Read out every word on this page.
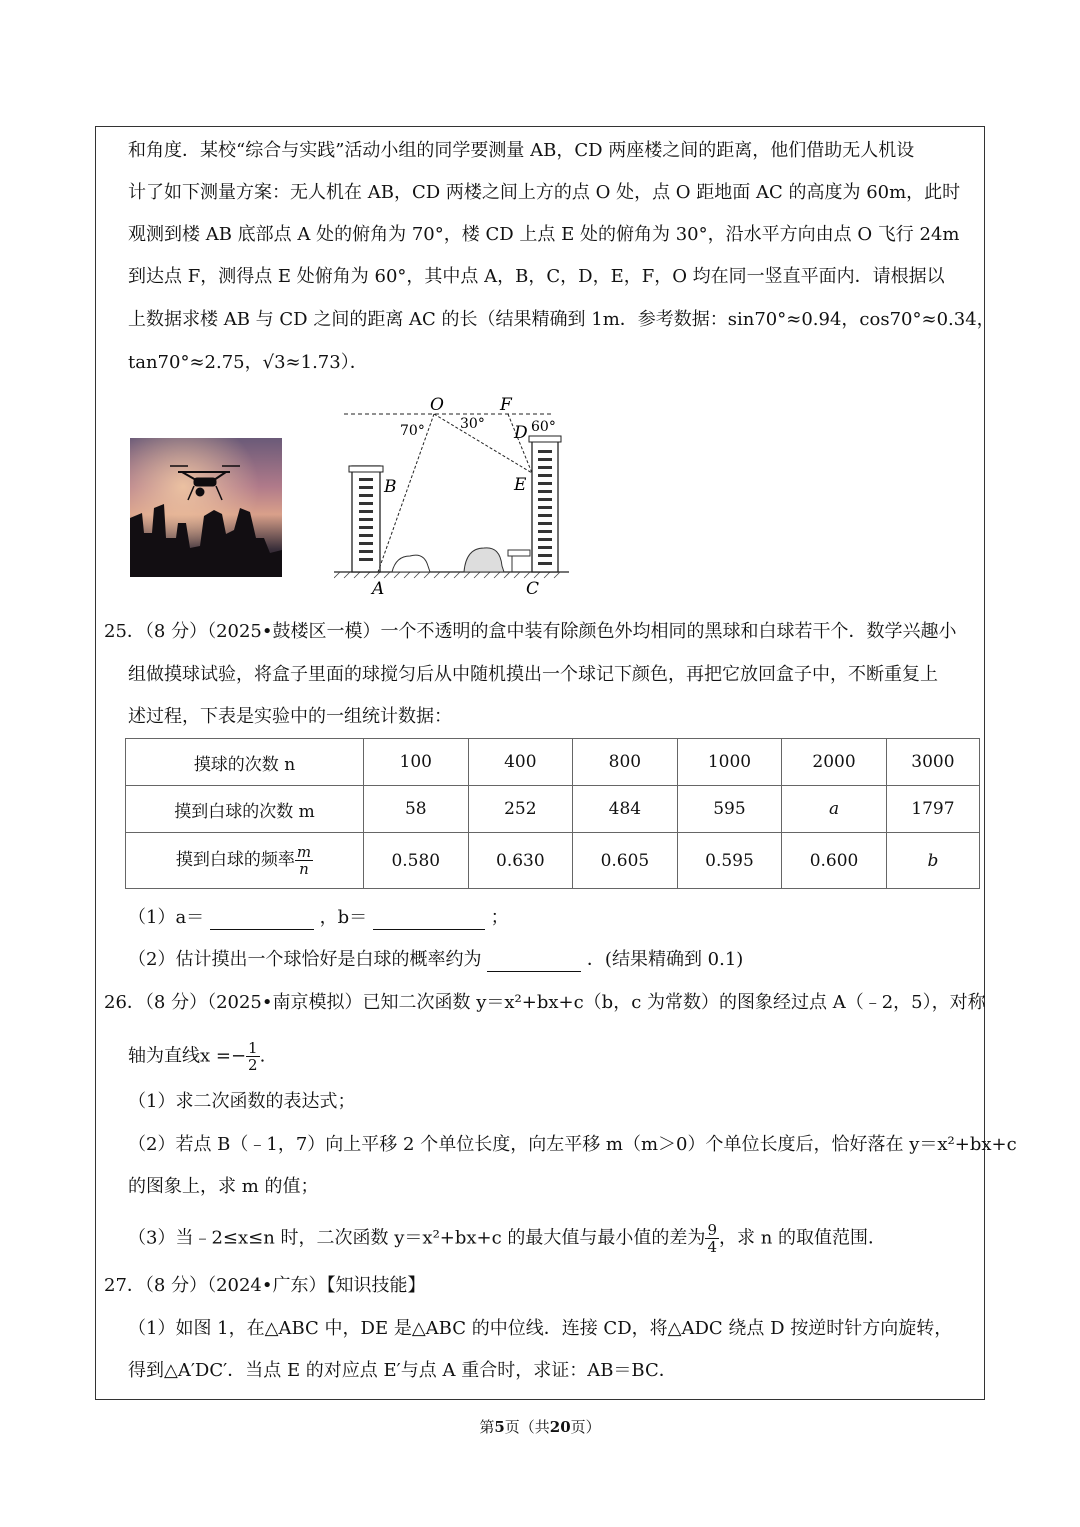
和角度．某校“综合与实践”活动小组的同学要测量 AB，CD 两座楼之间的距离，他们借助无人机设
计了如下测量方案：无人机在 AB，CD 两楼之间上方的点 O 处，点 O 距地面 AC 的高度为 60m，此时
观测到楼 AB 底部点 A 处的俯角为 70°，楼 CD 上点 E 处的俯角为 30°，沿水平方向由点 O 飞行 24m
到达点 F，测得点 E 处俯角为 60°，其中点 A，B，C，D，E，F，O 均在同一竖直平面内．请根据以
上数据求楼 AB 与 CD 之间的距离 AC 的长（结果精确到 1m．参考数据：sin70°≈0.94，cos70°≈0.34，
tan70°≈2.75，√3≈1.73）．
O	F
D
B	E
A	C
70°	30°	60°
25．（8 分）（2025•鼓楼区一模）一个不透明的盒中装有除颜色外均相同的黑球和白球若干个．数学兴趣小
组做摸球试验，将盒子里面的球搅匀后从中随机摸出一个球记下颜色，再把它放回盒子中，不断重复上
述过程，下表是实验中的一组统计数据：
摸球的次数 n	100	400	800	1000	2000	3000
摸到白球的次数 m	58	252	484	595	a	1797
摸到白球的频率 $\frac{m}{n}$	0.580	0.630	0.605	0.595	0.600	b
（1）a＝	，b＝	；
（2）估计摸出一个球恰好是白球的概率约为	．(结果精确到 0.1)
26．（8 分）（2025•南京模拟）已知二次函数 y＝x²+bx+c（b，c 为常数）的图象经过点 A（﹣2，5），对称
轴为直线$x =- \frac{1}{2}$ .
（1）求二次函数的表达式；
（2）若点 B（﹣1，7）向上平移 2 个单位长度，向左平移 m（m＞0）个单位长度后，恰好落在 y＝x²+bx+c
的图象上，求 m 的值；
（3）当﹣2≤x≤n 时，二次函数 y＝x²+bx+c 的最大值与最小值的差为 $\frac{9}{4}$ ，求 n 的取值范围．
27．（8 分）（2024•广东）【知识技能】
（1）如图 1，在△ABC 中，DE 是△ABC 的中位线．连接 CD，将△ADC 绕点 D 按逆时针方向旋转，
得到△A′DC′．当点 E 的对应点 E′与点 A 重合时，求证：AB＝BC．
第5页（共20页）
